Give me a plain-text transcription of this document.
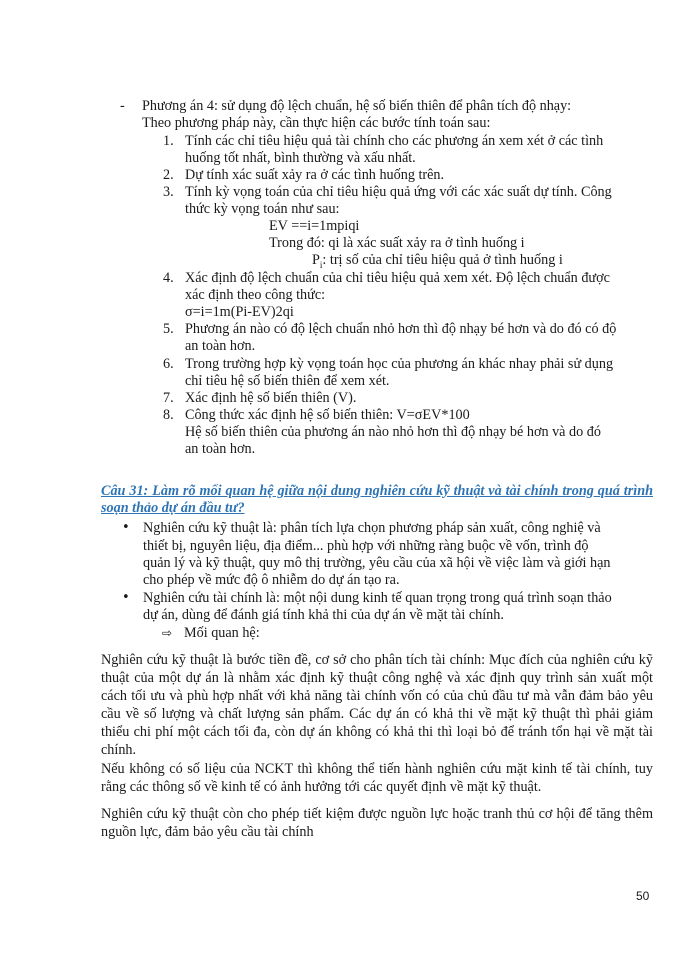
- Phương án 4: sử dụng độ lệch chuẩn, hệ số biến thiên để phân tích độ nhạy:
Theo phương pháp này, cần thực hiện các bước tính toán sau:
1. Tính các chỉ tiêu hiệu quả tài chính cho các phương án xem xét ở các tình
huống tốt nhất, bình thường và xấu nhất.
2. Dự tính xác suất xảy ra ở các tình huống trên.
3. Tính kỳ vọng toán của chỉ tiêu hiệu quả ứng với các xác suất dự tính. Công
thức kỳ vọng toán như sau:
EV ==i=1mpiqi
Trong đó: qi là xác suất xảy ra ở tình huống i
$P_i$: trị số của chỉ tiêu hiệu quả ở tình huống i
4. Xác định độ lệch chuẩn của chỉ tiêu hiệu quả xem xét. Độ lệch chuẩn được
xác định theo công thức:
σ=i=1m(Pi-EV)2qi
5. Phương án nào có độ lệch chuẩn nhỏ hơn thì độ nhạy bé hơn và do đó có độ
an toàn hơn.
6. Trong trường hợp kỳ vọng toán học của phương án khác nhay phải sử dụng
chỉ tiêu hệ số biến thiên để xem xét.
7. Xác định hệ số biến thiên (V).
8. Công thức xác định hệ số biến thiên: V=σEV*100
Hệ số biến thiên của phương án nào nhỏ hơn thì độ nhạy bé hơn và do đó
an toàn hơn.
Câu 31: Làm rõ mối quan hệ giữa nội dung nghiên cứu kỹ thuật và tài chính trong quá trình soạn thảo dự án đầu tư?
• Nghiên cứu kỹ thuật là: phân tích lựa chọn phương pháp sản xuất, công nghiệ và
thiết bị, nguyên liệu, địa điểm... phù hợp với những ràng buộc về vốn, trình độ
quản lý và kỹ thuật, quy mô thị trường, yêu cầu của xã hội về việc làm và giới hạn
cho phép về mức độ ô nhiễm do dự án tạo ra.
• Nghiên cứu tài chính là: một nội dung kinh tế quan trọng trong quá trình soạn thảo
dự án, dùng để đánh giá tính khả thi của dự án về mặt tài chính.
⇨ Mối quan hệ:
Nghiên cứu kỹ thuật là bước tiền đề, cơ sở cho phân tích tài chính: Mục đích của nghiên cứu kỹ thuật của một dự án là nhằm xác định kỹ thuật công nghệ và xác định quy trình sản xuất một cách tối ưu và phù hợp nhất với khả năng tài chính vốn có của chủ đầu tư mà vẫn đảm bảo yêu cầu về số lượng và chất lượng sản phẩm. Các dự án có khả thi về mặt kỹ thuật thì phải giảm thiểu chi phí một cách tối đa, còn dự án không có khả thi thì loại bỏ để tránh tổn hại về mặt tài chính.
Nếu không có số liệu của NCKT thì không thể tiến hành nghiên cứu mặt kinh tế tài chính, tuy rằng các thông số về kinh tế có ảnh hưởng tới các quyết định về mặt kỹ thuật.
Nghiên cứu kỹ thuật còn cho phép tiết kiệm được nguồn lực hoặc tranh thủ cơ hội để tăng thêm nguồn lực, đảm bảo yêu cầu tài chính
50
